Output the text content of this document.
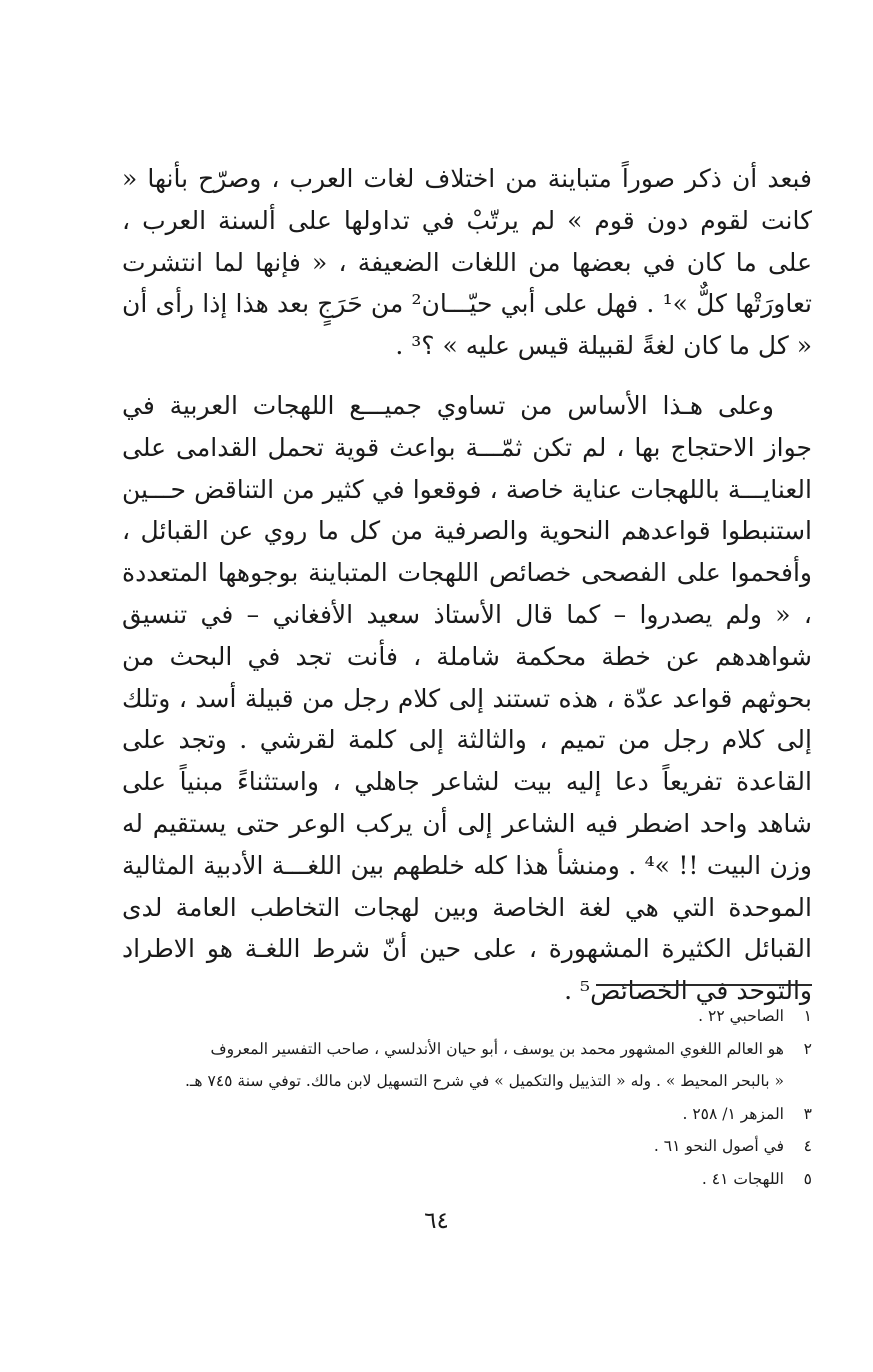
فبعد أن ذكر صوراً متباينة من اختلاف لغات العرب ، وصرّح بأنها « كانت لقوم دون قوم » لم يرتّبْ في تداولها على ألسنة العرب ، على ما كان في بعضها من اللغات الضعيفة ، « فإنها لما انتشرت تعاورَتْها كلٌّ »¹ . فهل على أبي حيّـــان² من حَرَجٍ بعد هذا إذا رأى أن « كل ما كان لغةً لقبيلة قيس عليه » ؟³ .

وعلى هـذا الأساس من تساوي جميـــع اللهجات العربية في جواز الاحتجاج بها ، لم تكن ثمّـــة بواعث قوية تحمل القدامى على العنايـــة باللهجات عناية خاصة ، فوقعوا في كثير من التناقض حـــين استنبطوا قواعدهم النحوية والصرفية من كل ما روي عن القبائل ، وأفحموا على الفصحى خصائص اللهجات المتباينة بوجوهها المتعددة ، « ولم يصدروا – كما قال الأستاذ سعيد الأفغاني – في تنسيق شواهدهم عن خطة محكمة شاملة ، فأنت تجد في البحث من بحوثهم قواعد عدّة ، هذه تستند إلى كلام رجل من قبيلة أسد ، وتلك إلى كلام رجل من تميم ، والثالثة إلى كلمة لقرشي . وتجد على القاعدة تفريعاً دعا إليه بيت لشاعر جاهلي ، واستثناءً مبنياً على شاهد واحد اضطر فيه الشاعر إلى أن يركب الوعر حتى يستقيم له وزن البيت !! »⁴ . ومنشأ هذا كله خلطهم بين اللغـــة الأدبية المثالية الموحدة التي هي لغة الخاصة وبين لهجات التخاطب العامة لدى القبائل الكثيرة المشهورة ، على حين أنّ شرط اللغـة هو الاطراد والتوحد في الخصائص⁵ .

١الصاحبي ٢٢ .
٢هو العالم اللغوي المشهور محمد بن يوسف ، أبو حيان الأندلسي ، صاحب التفسير المعروف
« بالبحر المحيط » . وله « التذييل والتكميل » في شرح التسهيل لابن مالك. توفي سنة ٧٤٥ هـ.
٣المزهر ١/ ٢٥٨ .
٤في أصول النحو ٦١ .
٥اللهجات ٤١ .
٦٤
